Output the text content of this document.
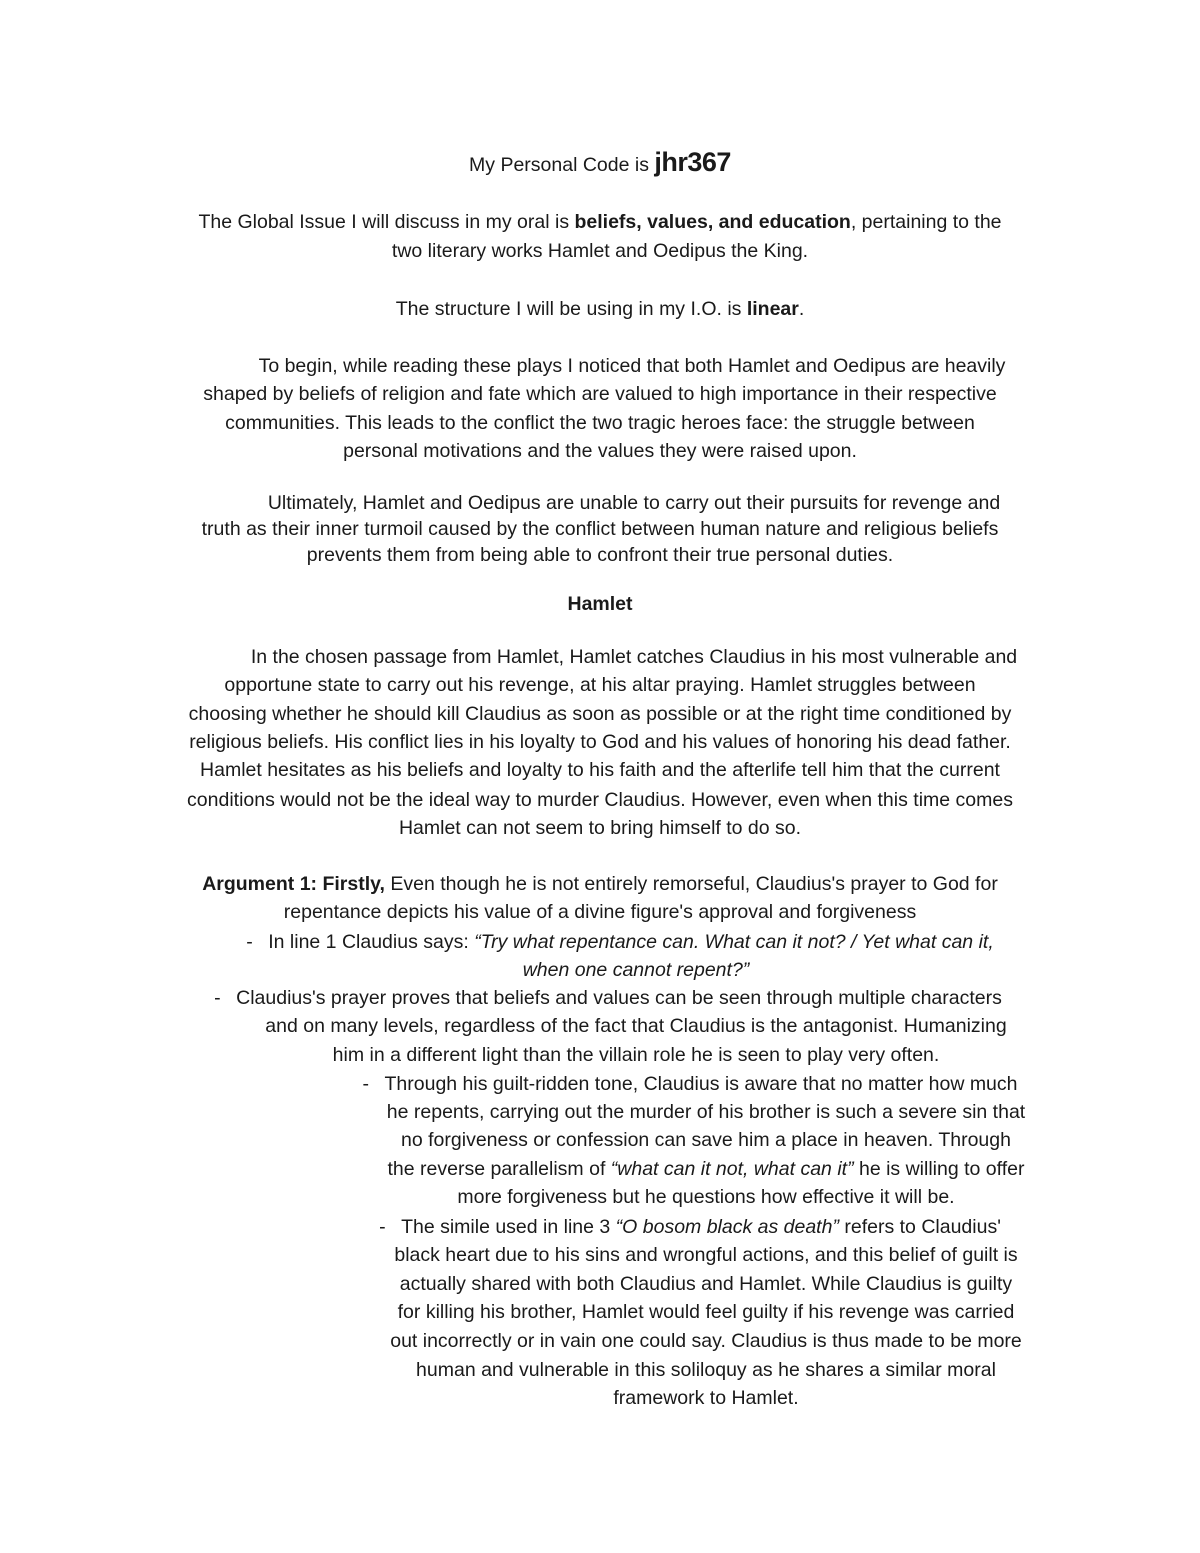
My Personal Code is jhr367
The Global Issue I will discuss in my oral is beliefs, values, and education, pertaining to the
two literary works Hamlet and Oedipus the King.
The structure I will be using in my I.O. is linear.
To begin, while reading these plays I noticed that both Hamlet and Oedipus are heavily
shaped by beliefs of religion and fate which are valued to high importance in their respective
communities. This leads to the conflict the two tragic heroes face: the struggle between
personal motivations and the values they were raised upon.
Ultimately, Hamlet and Oedipus are unable to carry out their pursuits for revenge and
truth as their inner turmoil caused by the conflict between human nature and religious beliefs
prevents them from being able to confront their true personal duties.
Hamlet
In the chosen passage from Hamlet, Hamlet catches Claudius in his most vulnerable and
opportune state to carry out his revenge, at his altar praying. Hamlet struggles between
choosing whether he should kill Claudius as soon as possible or at the right time conditioned by
religious beliefs. His conflict lies in his loyalty to God and his values of honoring his dead father.
Hamlet hesitates as his beliefs and loyalty to his faith and the afterlife tell him that the current
conditions would not be the ideal way to murder Claudius. However, even when this time comes
Hamlet can not seem to bring himself to do so.
Argument 1: Firstly, Even though he is not entirely remorseful, Claudius's prayer to God for
repentance depicts his value of a divine figure's approval and forgiveness
- In line 1 Claudius says: “Try what repentance can. What can it not? / Yet what can it,
when one cannot repent?”
- Claudius's prayer proves that beliefs and values can be seen through multiple characters
and on many levels, regardless of the fact that Claudius is the antagonist. Humanizing
him in a different light than the villain role he is seen to play very often.
- Through his guilt-ridden tone, Claudius is aware that no matter how much
he repents, carrying out the murder of his brother is such a severe sin that
no forgiveness or confession can save him a place in heaven. Through
the reverse parallelism of “what can it not, what can it” he is willing to offer
more forgiveness but he questions how effective it will be.
- The simile used in line 3 “O bosom black as death” refers to Claudius'
black heart due to his sins and wrongful actions, and this belief of guilt is
actually shared with both Claudius and Hamlet. While Claudius is guilty
for killing his brother, Hamlet would feel guilty if his revenge was carried
out incorrectly or in vain one could say. Claudius is thus made to be more
human and vulnerable in this soliloquy as he shares a similar moral
framework to Hamlet.
